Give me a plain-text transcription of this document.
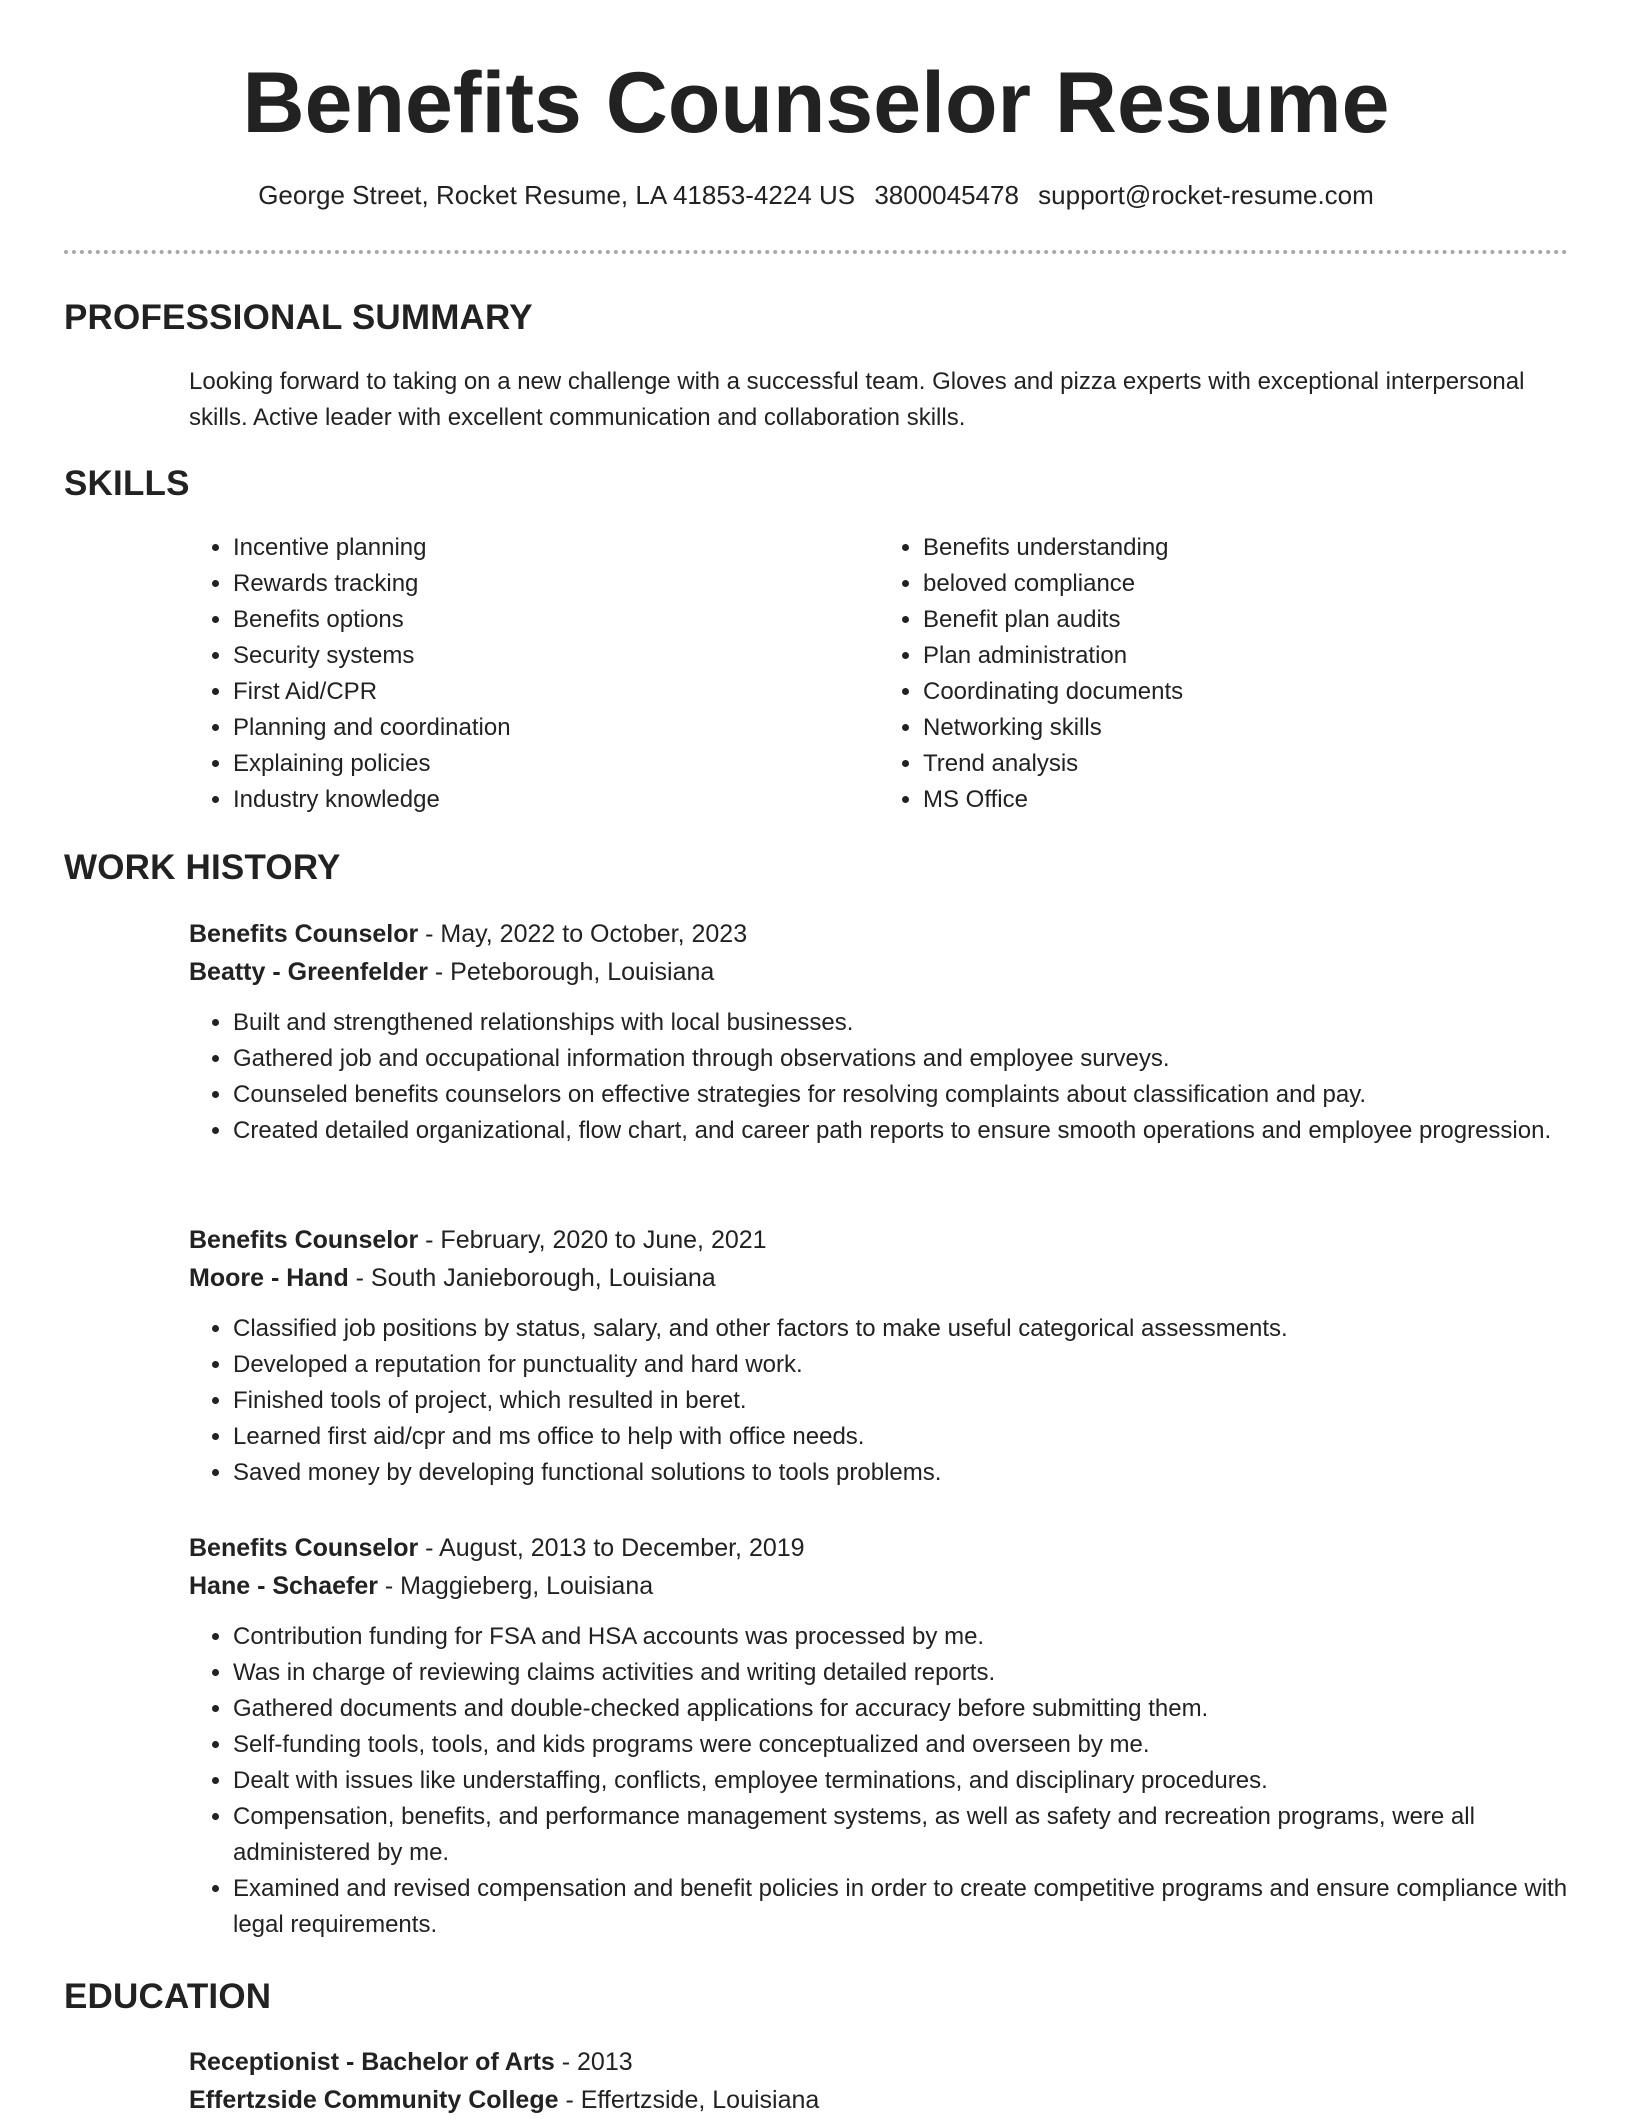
Benefits Counselor Resume
George Street, Rocket Resume, LA 41853-4224 US 3800045478 support@rocket-resume.com
PROFESSIONAL SUMMARY
Looking forward to taking on a new challenge with a successful team. Gloves and pizza experts with exceptional interpersonal skills. Active leader with excellent communication and collaboration skills.
SKILLS
• Incentive planning
• Rewards tracking
• Benefits options
• Security systems
• First Aid/CPR
• Planning and coordination
• Explaining policies
• Industry knowledge
• Benefits understanding
• beloved compliance
• Benefit plan audits
• Plan administration
• Coordinating documents
• Networking skills
• Trend analysis
• MS Office
WORK HISTORY
Benefits Counselor - May, 2022 to October, 2023
Beatty - Greenfelder - Peteborough, Louisiana
• Built and strengthened relationships with local businesses.
• Gathered job and occupational information through observations and employee surveys.
• Counseled benefits counselors on effective strategies for resolving complaints about classification and pay.
• Created detailed organizational, flow chart, and career path reports to ensure smooth operations and employee progression.
Benefits Counselor - February, 2020 to June, 2021
Moore - Hand - South Janieborough, Louisiana
• Classified job positions by status, salary, and other factors to make useful categorical assessments.
• Developed a reputation for punctuality and hard work.
• Finished tools of project, which resulted in beret.
• Learned first aid/cpr and ms office to help with office needs.
• Saved money by developing functional solutions to tools problems.
Benefits Counselor - August, 2013 to December, 2019
Hane - Schaefer - Maggieberg, Louisiana
• Contribution funding for FSA and HSA accounts was processed by me.
• Was in charge of reviewing claims activities and writing detailed reports.
• Gathered documents and double-checked applications for accuracy before submitting them.
• Self-funding tools, tools, and kids programs were conceptualized and overseen by me.
• Dealt with issues like understaffing, conflicts, employee terminations, and disciplinary procedures.
• Compensation, benefits, and performance management systems, as well as safety and recreation programs, were all administered by me.
• Examined and revised compensation and benefit policies in order to create competitive programs and ensure compliance with legal requirements.
EDUCATION
Receptionist - Bachelor of Arts - 2013
Effertzside Community College - Effertzside, Louisiana
